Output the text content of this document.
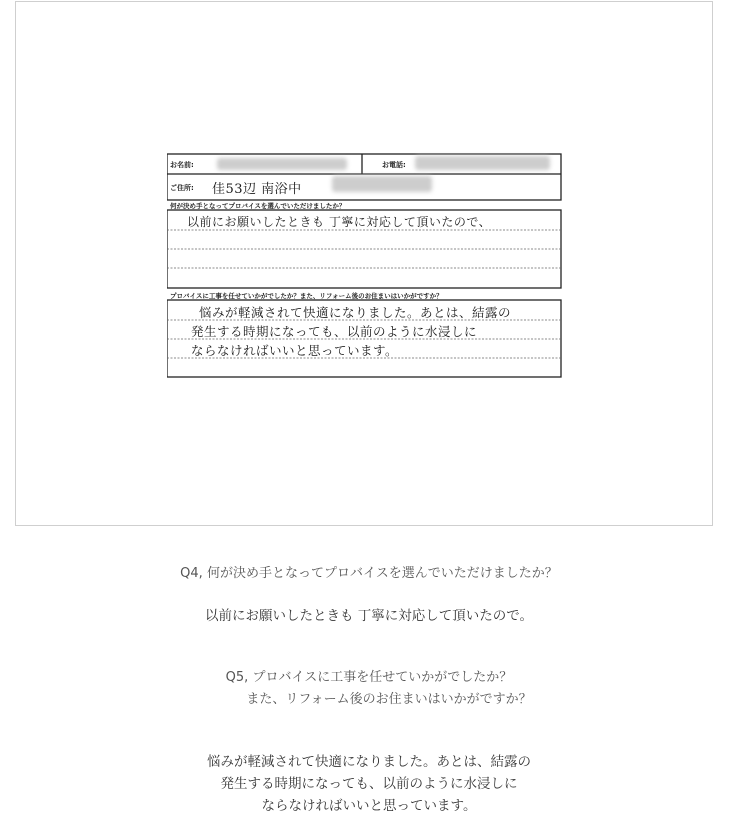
お名前:	お電話:
ご住所: 佳53辺 南浴中
何が決め手となってプロバイスを選んでいただけましたか？
以前にお願いしたときも 丁寧に対応して頂いたので、
プロバイスに工事を任せていかがでしたか？また、リフォーム後のお住まいはいかがですか？
悩みが軽減されて快適になりました。あとは、結露の
発生する時期になっても、以前のように水浸しに
ならなければいいと思っています。
Q4, 何が決め手となってプロバイスを選んでいただけましたか？
以前にお願いしたときも 丁寧に対応して頂いたので。
Q5, プロバイスに工事を任せていかがでしたか？
また、リフォーム後のお住まいはいかがですか？
悩みが軽減されて快適になりました。あとは、結露の
発生する時期になっても、以前のように水浸しに
ならなければいいと思っています。
